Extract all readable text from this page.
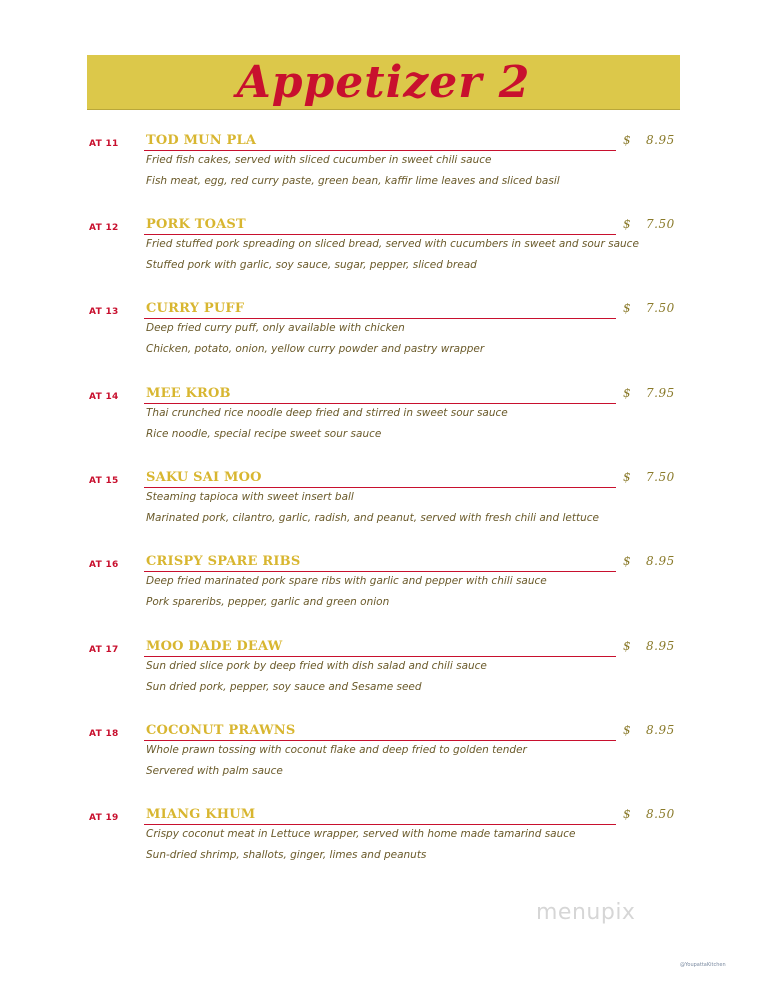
Appetizer 2
AT 11 TOD MUN PLA	$ 8.95
Fried fish cakes, served with sliced cucumber in sweet chili sauce
Fish meat, egg, red curry paste, green bean, kaffir lime leaves and sliced basil
AT 12 PORK TOAST	$ 7.50
Fried stuffed pork spreading on sliced bread, served with cucumbers in sweet and sour sauce
Stuffed pork with garlic, soy sauce, sugar, pepper, sliced bread
AT 13 CURRY PUFF	$ 7.50
Deep fried curry puff, only available with chicken
Chicken, potato, onion, yellow curry powder and pastry wrapper
AT 14 MEE KROB	$ 7.95
Thai crunched rice noodle deep fried and stirred in sweet sour sauce
Rice noodle, special recipe sweet sour sauce
AT 15 SAKU SAI MOO	$ 7.50
Steaming tapioca with sweet insert ball
Marinated pork, cilantro, garlic, radish, and peanut, served with fresh chili and lettuce
AT 16 CRISPY SPARE RIBS	$ 8.95
Deep fried marinated pork spare ribs with garlic and pepper with chili sauce
Pork spareribs, pepper, garlic and green onion
AT 17 MOO DADE DEAW	$ 8.95
Sun dried slice pork by deep fried with dish salad and chili sauce
Sun dried pork, pepper, soy sauce and Sesame seed
AT 18 COCONUT PRAWNS	$ 8.95
Whole prawn tossing with coconut flake and deep fried to golden tender
Servered with palm sauce
AT 19 MIANG KHUM	$ 8.50
Crispy coconut meat in Lettuce wrapper, served with home made tamarind sauce
Sun-dried shrimp, shallots, ginger, limes and peanuts
menupix
@YoupattaKitchen
